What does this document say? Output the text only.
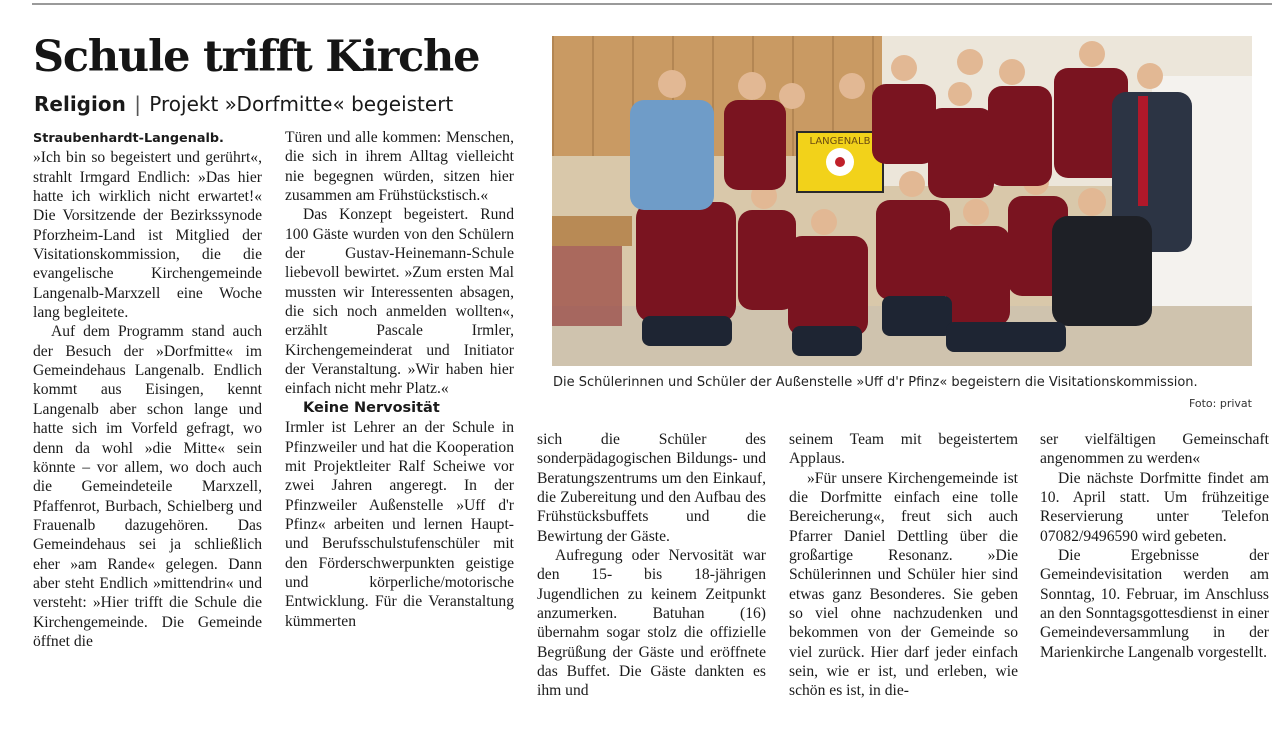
Schule trifft Kirche

Religion | Projekt »Dorfmitte« begeistert

Straubenhardt-Langenalb.
»Ich bin so begeistert und gerührt«, strahlt Irmgard Endlich: »Das hier hatte ich wirklich nicht erwartet!« Die Vorsitzende der Bezirkssynode Pforzheim-Land ist Mitglied der Visitationskommission, die die evangelische Kirchengemeinde Langenalb-Marxzell eine Woche lang begleitete.

Auf dem Programm stand auch der Besuch der »Dorfmitte« im Gemeindehaus Langenalb. Endlich kommt aus Eisingen, kennt Langenalb aber schon lange und hatte sich im Vorfeld gefragt, wo denn da wohl »die Mitte« sein könnte – vor allem, wo doch auch die Gemeindeteile Marxzell, Pfaffenrot, Burbach, Schielberg und Frauenalb dazugehören. Das Gemeindehaus sei ja schließlich eher »am Rande« gelegen. Dann aber steht Endlich »mittendrin« und versteht: »Hier trifft die Schule die Kirchengemeinde. Die Gemeinde öffnet die

Türen und alle kommen: Menschen, die sich in ihrem Alltag vielleicht nie begegnen würden, sitzen hier zusammen am Frühstückstisch.«

Das Konzept begeistert. Rund 100 Gäste wurden von den Schülern der Gustav-Heinemann-Schule liebevoll bewirtet. »Zum ersten Mal mussten wir Interessenten absagen, die sich noch anmelden wollten«, erzählt Pascale Irmler, Kirchengemeinderat und Initiator der Veranstaltung. »Wir haben hier einfach nicht mehr Platz.«

Keine Nervosität

Irmler ist Lehrer an der Schule in Pfinzweiler und hat die Kooperation mit Projektleiter Ralf Scheiwe vor zwei Jahren angeregt. In der Pfinzweiler Außenstelle »Uff d'r Pfinz« arbeiten und lernen Haupt- und Berufsschulstufenschüler mit den Förderschwerpunkten geistige und körperliche/motorische Entwicklung. Für die Veranstaltung kümmerten

LANGENALB

Die Schülerinnen und Schüler der Außenstelle »Uff d'r Pfinz« begeistern die Visitationskommission.

Foto: privat

sich die Schüler des sonderpädagogischen Bildungs- und Beratungszentrums um den Einkauf, die Zubereitung und den Aufbau des Frühstücksbuffets und die Bewirtung der Gäste.

Aufregung oder Nervosität war den 15- bis 18-jährigen Jugendlichen zu keinem Zeitpunkt anzumerken. Batuhan (16) übernahm sogar stolz die offizielle Begrüßung der Gäste und eröffnete das Buffet. Die Gäste dankten es ihm und

seinem Team mit begeistertem Applaus.

»Für unsere Kirchengemeinde ist die Dorfmitte einfach eine tolle Bereicherung«, freut sich auch Pfarrer Daniel Dettling über die großartige Resonanz. »Die Schülerinnen und Schüler hier sind etwas ganz Besonderes. Sie geben so viel ohne nachzudenken und bekommen von der Gemeinde so viel zurück. Hier darf jeder einfach sein, wie er ist, und erleben, wie schön es ist, in die-

ser vielfältigen Gemeinschaft angenommen zu werden«

Die nächste Dorfmitte findet am 10. April statt. Um frühzeitige Reservierung unter Telefon 07082/9496590 wird gebeten.

Die Ergebnisse der Gemeindevisitation werden am Sonntag, 10. Februar, im Anschluss an den Sonntagsgottesdienst in einer Gemeindeversammlung in der Marienkirche Langenalb vorgestellt.
